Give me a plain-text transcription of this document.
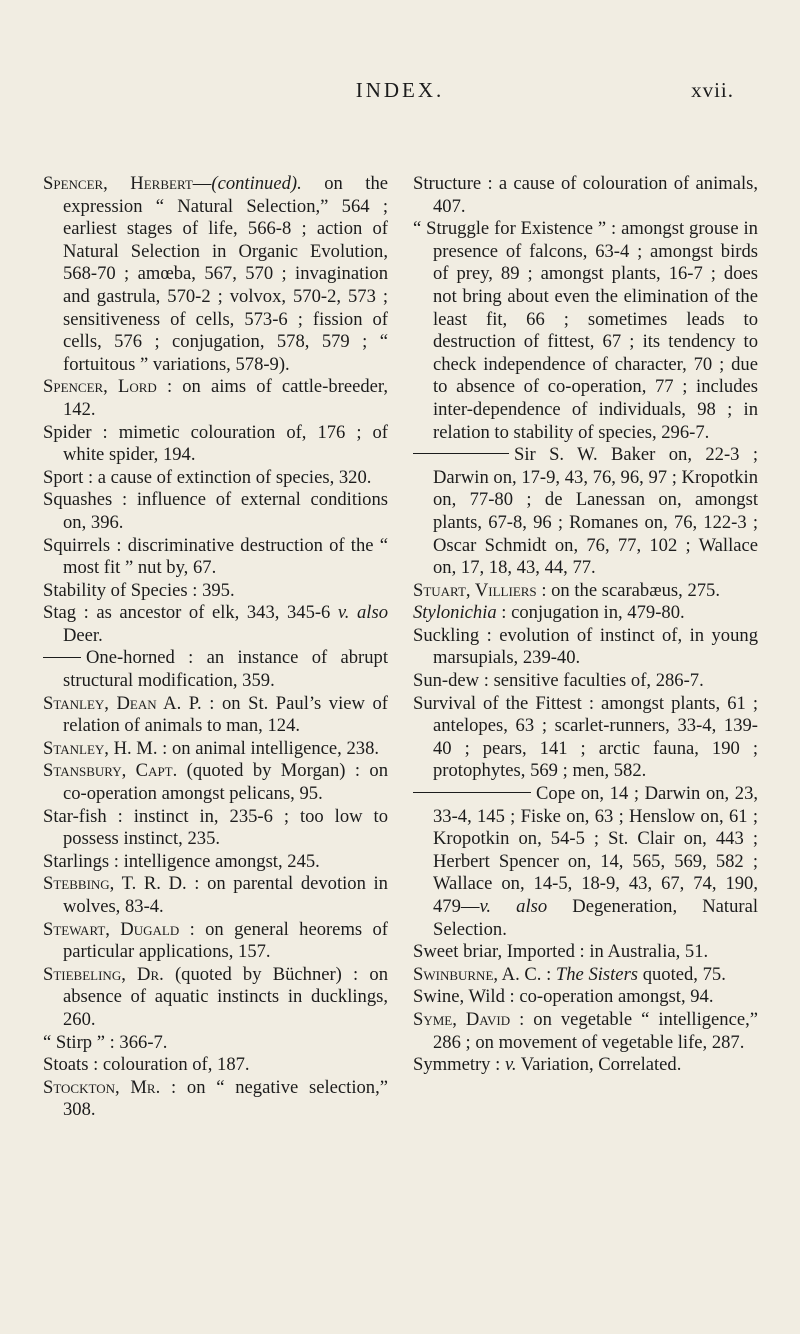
INDEX.	xvii.

Spencer, Herbert—(continued). on the expression “ Natural Selection,” 564 ; earliest stages of life, 566-8 ; action of Natural Selection in Organic Evolution, 568-70 ; amœba, 567, 570 ; invagination and gastrula, 570-2 ; volvox, 570-2, 573 ; sensitiveness of cells, 573-6 ; fission of cells, 576 ; conjugation, 578, 579 ; “ fortuitous ” variations, 578-9).

Spencer, Lord : on aims of cattle-breeder, 142.

Spider : mimetic colouration of, 176 ; of white spider, 194.

Sport : a cause of extinction of species, 320.

Squashes : influence of external conditions on, 396.

Squirrels : discriminative destruction of the “ most fit ” nut by, 67.

Stability of Species : 395.

Stag : as ancestor of elk, 343, 345-6 v. also Deer.

One-horned : an instance of abrupt structural modification, 359.

Stanley, Dean A. P. : on St. Paul’s view of relation of animals to man, 124.

Stanley, H. M. : on animal intelligence, 238.

Stansbury, Capt. (quoted by Morgan) : on co-operation amongst pelicans, 95.

Star-fish : instinct in, 235-6 ; too low to possess instinct, 235.

Starlings : intelligence amongst, 245.

Stebbing, T. R. D. : on parental devotion in wolves, 83-4.

Stewart, Dugald : on general heorems of particular applications, 157.

Stiebeling, Dr. (quoted by Büchner) : on absence of aquatic instincts in ducklings, 260.

“ Stirp ” : 366-7.

Stoats : colouration of, 187.

Stockton, Mr. : on “ negative selection,” 308.

Structure : a cause of colouration of animals, 407.

“ Struggle for Existence ” : amongst grouse in presence of falcons, 63-4 ; amongst birds of prey, 89 ; amongst plants, 16-7 ; does not bring about even the elimination of the least fit, 66 ; sometimes leads to destruction of fittest, 67 ; its tendency to check independence of character, 70 ; due to absence of co-operation, 77 ; includes inter-dependence of individuals, 98 ; in relation to stability of species, 296-7.

Sir S. W. Baker on, 22-3 ; Darwin on, 17-9, 43, 76, 96, 97 ; Kropotkin on, 77-80 ; de Lanessan on, amongst plants, 67-8, 96 ; Romanes on, 76, 122-3 ; Oscar Schmidt on, 76, 77, 102 ; Wallace on, 17, 18, 43, 44, 77.

Stuart, Villiers : on the scarabæus, 275.

Stylonichia : conjugation in, 479-80.

Suckling : evolution of instinct of, in young marsupials, 239-40.

Sun-dew : sensitive faculties of, 286-7.

Survival of the Fittest : amongst plants, 61 ; antelopes, 63 ; scarlet-runners, 33-4, 139-40 ; pears, 141 ; arctic fauna, 190 ; protophytes, 569 ; men, 582.

Cope on, 14 ; Darwin on, 23, 33-4, 145 ; Fiske on, 63 ; Henslow on, 61 ; Kropotkin on, 54-5 ; St. Clair on, 443 ; Herbert Spencer on, 14, 565, 569, 582 ; Wallace on, 14-5, 18-9, 43, 67, 74, 190, 479—v. also Degeneration, Natural Selection.

Sweet briar, Imported : in Australia, 51.

Swinburne, A. C. : The Sisters quoted, 75.

Swine, Wild : co-operation amongst, 94.

Syme, David : on vegetable “ intelligence,” 286 ; on movement of vegetable life, 287.

Symmetry : v. Variation, Correlated.
